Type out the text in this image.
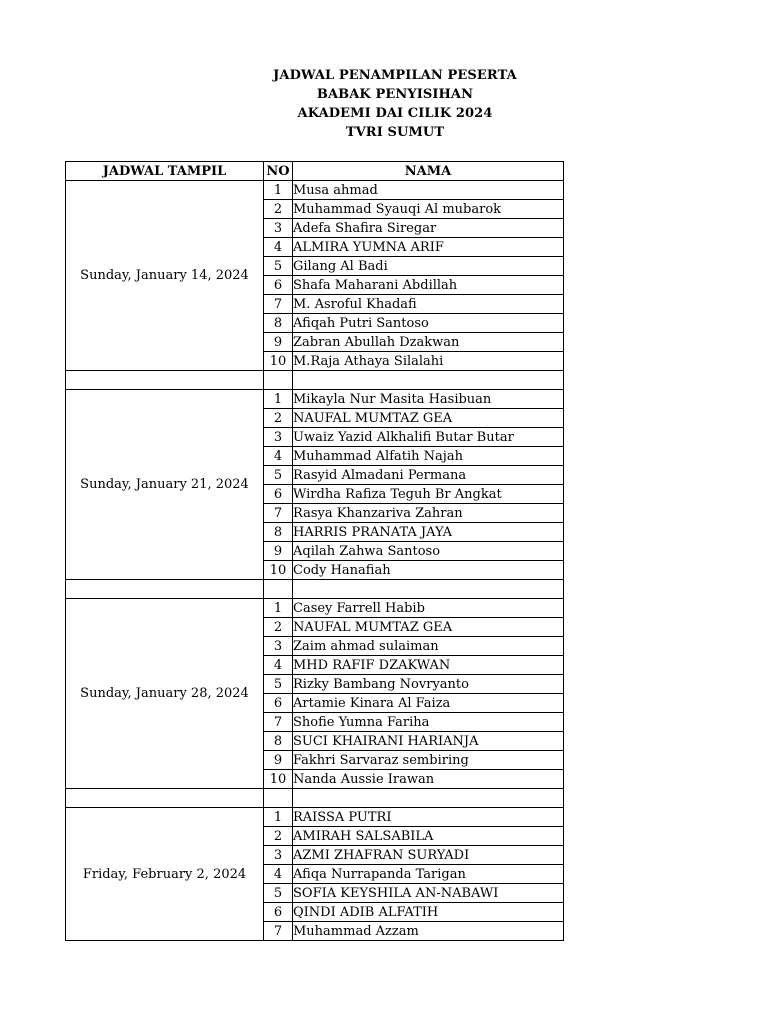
JADWAL PENAMPILAN PESERTA
BABAK PENYISIHAN
AKADEMI DAI CILIK 2024
TVRI SUMUT
JADWAL TAMPIL	NO	NAMA
Sunday, January 14, 2024	1	Musa ahmad
	2	Muhammad Syauqi Al mubarok
	3	Adefa Shafira Siregar
	4	ALMIRA YUMNA ARIF
	5	Gilang Al Badi
	6	Shafa Maharani Abdillah
	7	M. Asroful Khadafi
	8	Afiqah Putri Santoso
	9	Zabran Abullah Dzakwan
	10	M.Raja Athaya Silalahi

Sunday, January 21, 2024	1	Mikayla Nur Masita Hasibuan
	2	NAUFAL MUMTAZ GEA
	3	Uwaiz Yazid Alkhalifi Butar Butar
	4	Muhammad Alfatih Najah
	5	Rasyid Almadani Permana
	6	Wirdha Rafiza Teguh Br Angkat
	7	Rasya Khanzariva Zahran
	8	HARRIS PRANATA JAYA
	9	Aqilah Zahwa Santoso
	10	Cody Hanafiah

Sunday, January 28, 2024	1	Casey Farrell Habib
	2	NAUFAL MUMTAZ GEA
	3	Zaim ahmad sulaiman
	4	MHD RAFIF DZAKWAN
	5	Rizky Bambang Novryanto
	6	Artamie Kinara Al Faiza
	7	Shofie Yumna Fariha
	8	SUCI KHAIRANI HARIANJA
	9	Fakhri Sarvaraz sembiring
	10	Nanda Aussie Irawan

Friday, February 2, 2024	1	RAISSA PUTRI
	2	AMIRAH SALSABILA
	3	AZMI ZHAFRAN SURYADI
	4	Afiqa Nurrapanda Tarigan
	5	SOFIA KEYSHILA AN-NABAWI
	6	QINDI ADIB ALFATIH
	7	Muhammad Azzam
